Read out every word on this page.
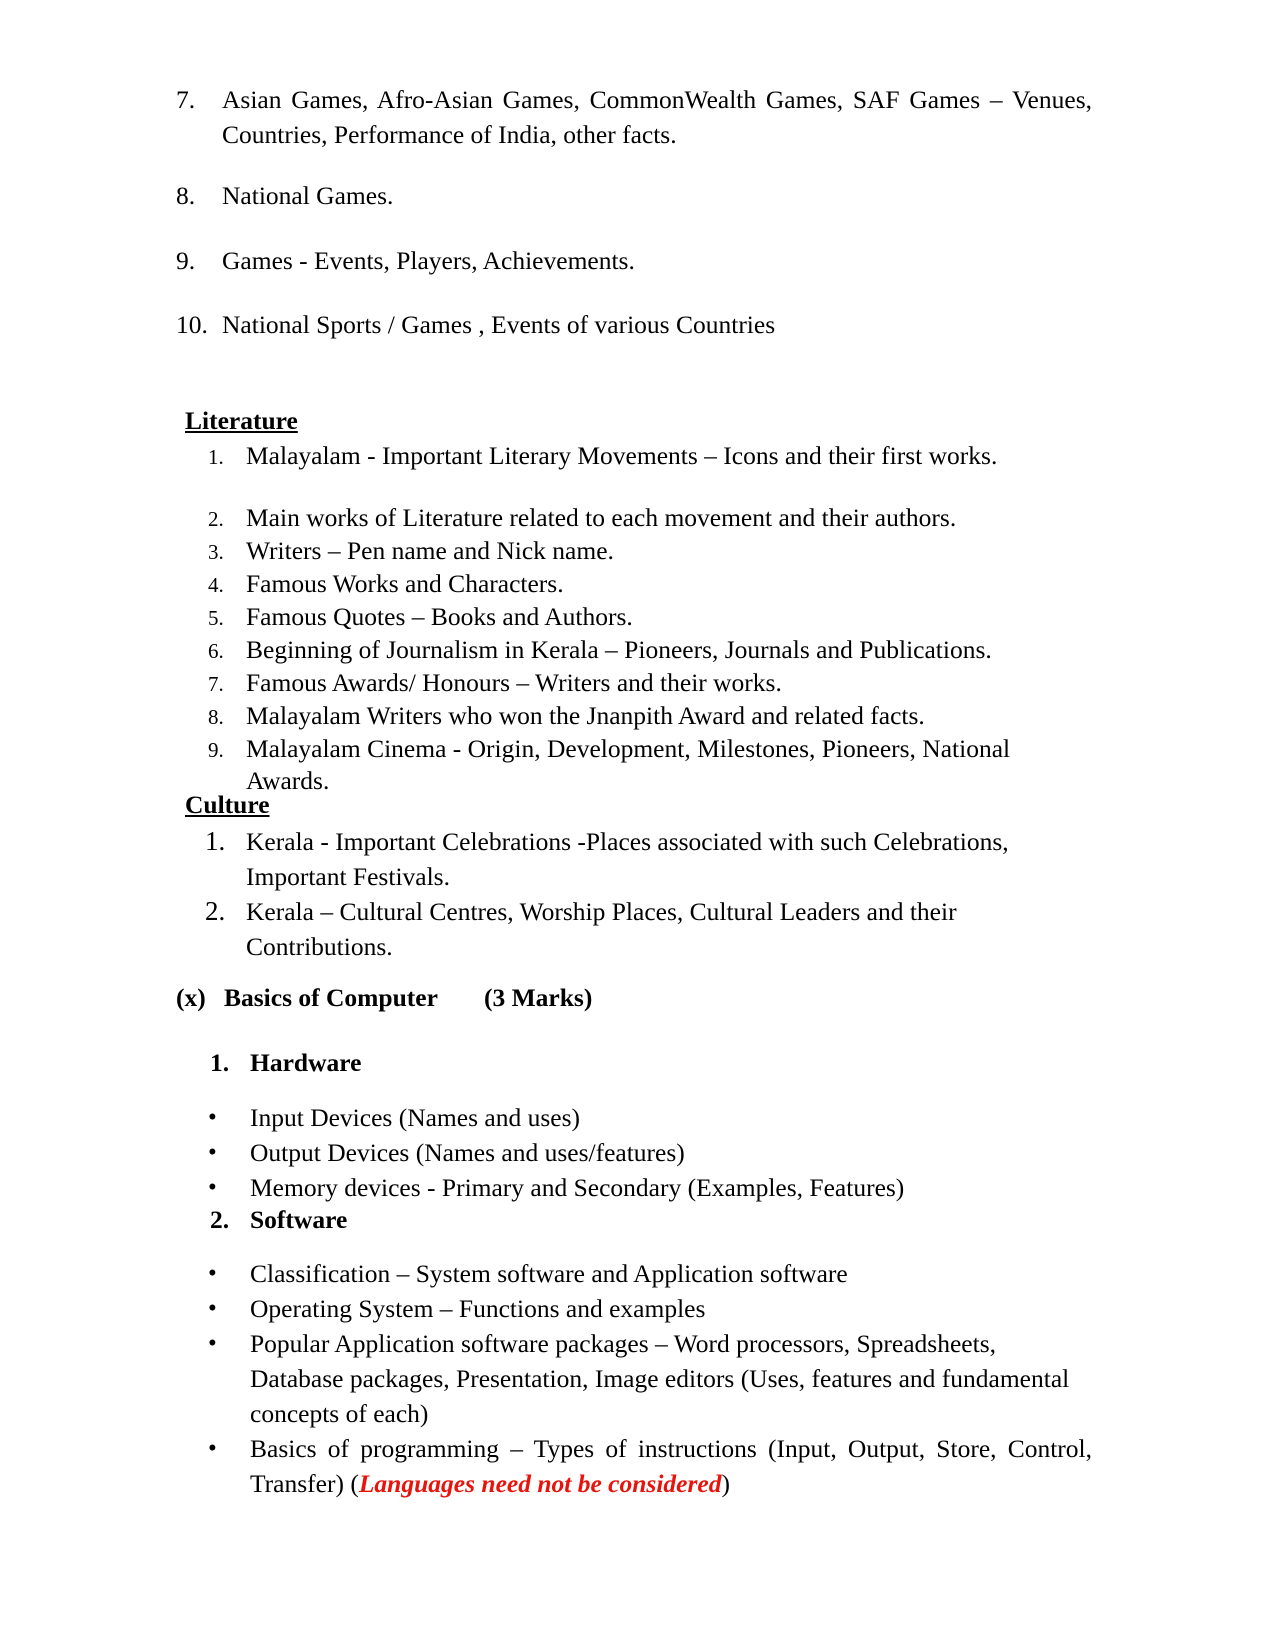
7.	Asian Games, Afro-Asian Games, CommonWealth Games, SAF Games – Venues, Countries, Performance of India, other facts.
8.	National Games.
9.	Games - Events, Players, Achievements.
10. National Sports / Games , Events of various Countries
Literature
1. Malayalam - Important Literary Movements – Icons and their first works.
2. Main works of Literature related to each movement and their authors.
3. Writers – Pen name and Nick name.
4. Famous Works and Characters.
5. Famous Quotes – Books and Authors.
6. Beginning of Journalism in Kerala – Pioneers, Journals and Publications.
7. Famous Awards/ Honours – Writers and their works.
8. Malayalam Writers who won the Jnanpith Award and related facts.
9. Malayalam Cinema - Origin, Development, Milestones, Pioneers, National Awards.
Culture
1. Kerala - Important Celebrations -Places associated with such Celebrations, Important Festivals.
2. Kerala – Cultural Centres, Worship Places, Cultural Leaders and their Contributions.
(x) Basics of Computer	(3 Marks)
1. Hardware
•	Input Devices (Names and uses)
•	Output Devices (Names and uses/features)
•	Memory devices - Primary and Secondary (Examples, Features)
2. Software
•	Classification – System software and Application software
•	Operating System – Functions and examples
•	Popular Application software packages – Word processors, Spreadsheets, Database packages, Presentation, Image editors (Uses, features and fundamental concepts of each)
•	Basics of programming – Types of instructions (Input, Output, Store, Control, Transfer) (Languages need not be considered)
